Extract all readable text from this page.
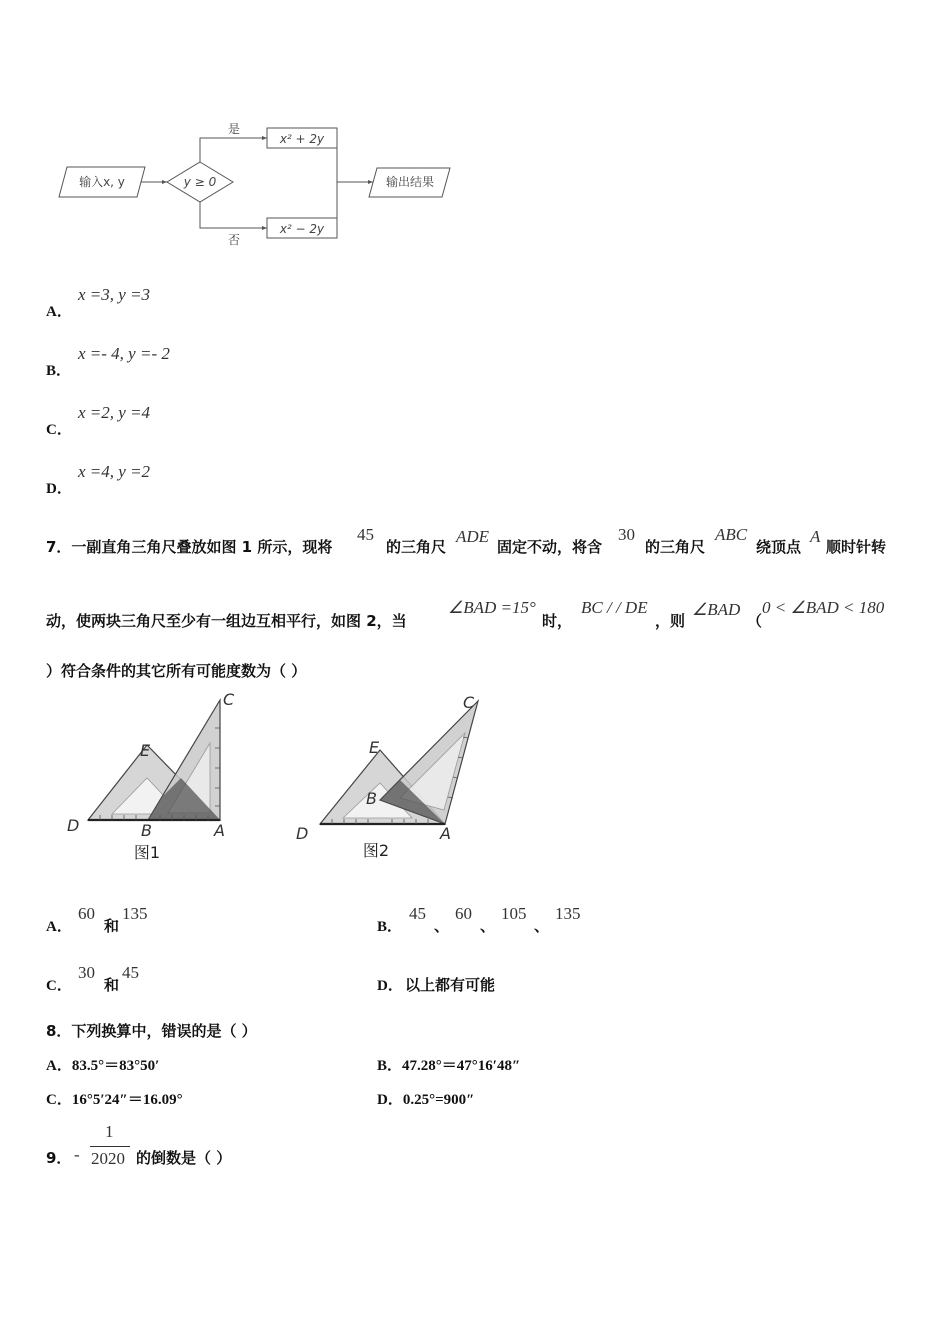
输入x, y	y ≥ 0
是
否
x² + 2y
x² − 2y
输出结果
A．
x =3, y =3
B．
x =- 4, y =- 2
C．
x =2, y =4
D．
x =4, y =2
7．一副直角三角尺叠放如图 1 所示，现将
45
的三角尺
ADE
固定不动，将含
30
的三角尺
ABC
绕顶点
A
顺时针转
动，使两块三角尺至少有一组边互相平行，如图 2，当
∠BAD =15°
时，
BC / / DE
，则
∠BAD
（
0 < ∠BAD < 180
）符合条件的其它所有可能度数为（ ）
C
E
D	B	A
图1
C
E
D
B
A
图2
A．
60
和
135
B．
45
、
60
、
105
、
135
C．
30
和
45
D． 以上都有可能
8．下列换算中，错误的是（ ）
A．83.5°＝83°50′	B．47.28°＝47°16′48″
C．16°5′24″＝16.09°	D．0.25°=900″
9． -
1
2020 的倒数是（ ）
